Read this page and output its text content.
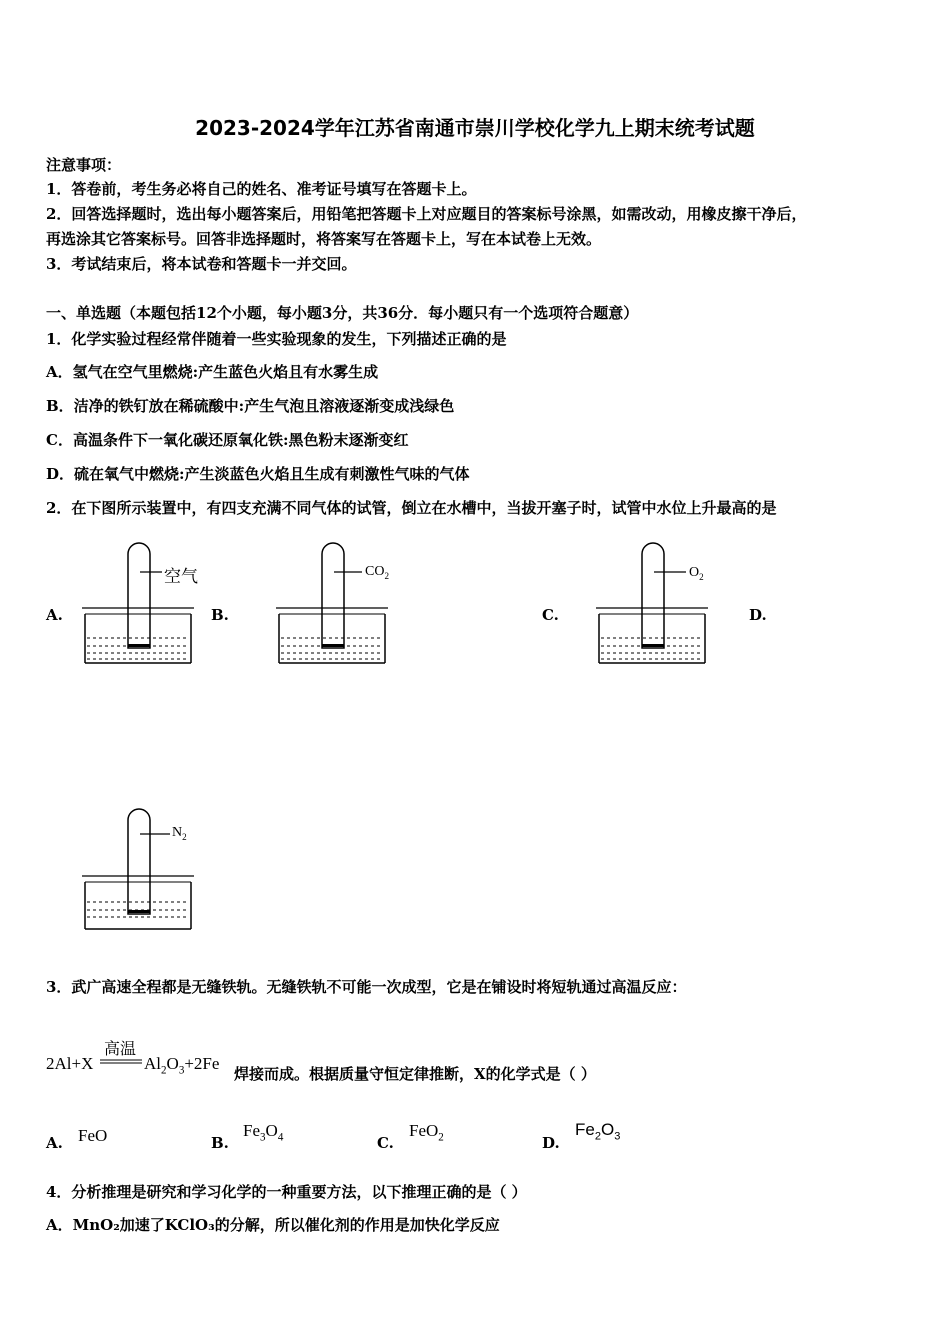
2023-2024学年江苏省南通市崇川学校化学九上期末统考试题
注意事项：
1．答卷前，考生务必将自己的姓名、准考证号填写在答题卡上。
2．回答选择题时，选出每小题答案后，用铅笔把答题卡上对应题目的答案标号涂黑，如需改动，用橡皮擦干净后，
再选涂其它答案标号。回答非选择题时，将答案写在答题卡上，写在本试卷上无效。
3．考试结束后，将本试卷和答题卡一并交回。
一、单选题（本题包括12个小题，每小题3分，共36分．每小题只有一个选项符合题意）
1．化学实验过程经常伴随着一些实验现象的发生，下列描述正确的是
A．氢气在空气里燃烧:产生蓝色火焰且有水雾生成
B．洁净的铁钉放在稀硫酸中:产生气泡且溶液逐渐变成浅绿色
C．高温条件下一氧化碳还原氧化铁:黑色粉末逐渐变红
D．硫在氧气中燃烧:产生淡蓝色火焰且生成有刺激性气味的气体
2．在下图所示装置中，有四支充满不同气体的试管，倒立在水槽中，当拔开塞子时，试管中水位上升最高的是
A.	B.	C.	D.
空气	$CO_2$	$O_2$
$N_2$
3．武广高速全程都是无缝铁轨。无缝铁轨不可能一次成型，它是在铺设时将短轨通过高温反应：
2Al+X
高温
$Al_2O_3+2Fe$
焊接而成。根据质量守恒定律推断，X的化学式是（ ）
A. FeO	B.
$Fe_3O_4$	C.
FeO$_2$	D.
$Fe_2O_3$
4．分析推理是研究和学习化学的一种重要方法，以下推理正确的是（ ）
A．MnO₂加速了KClO₃的分解，所以催化剂的作用是加快化学反应
